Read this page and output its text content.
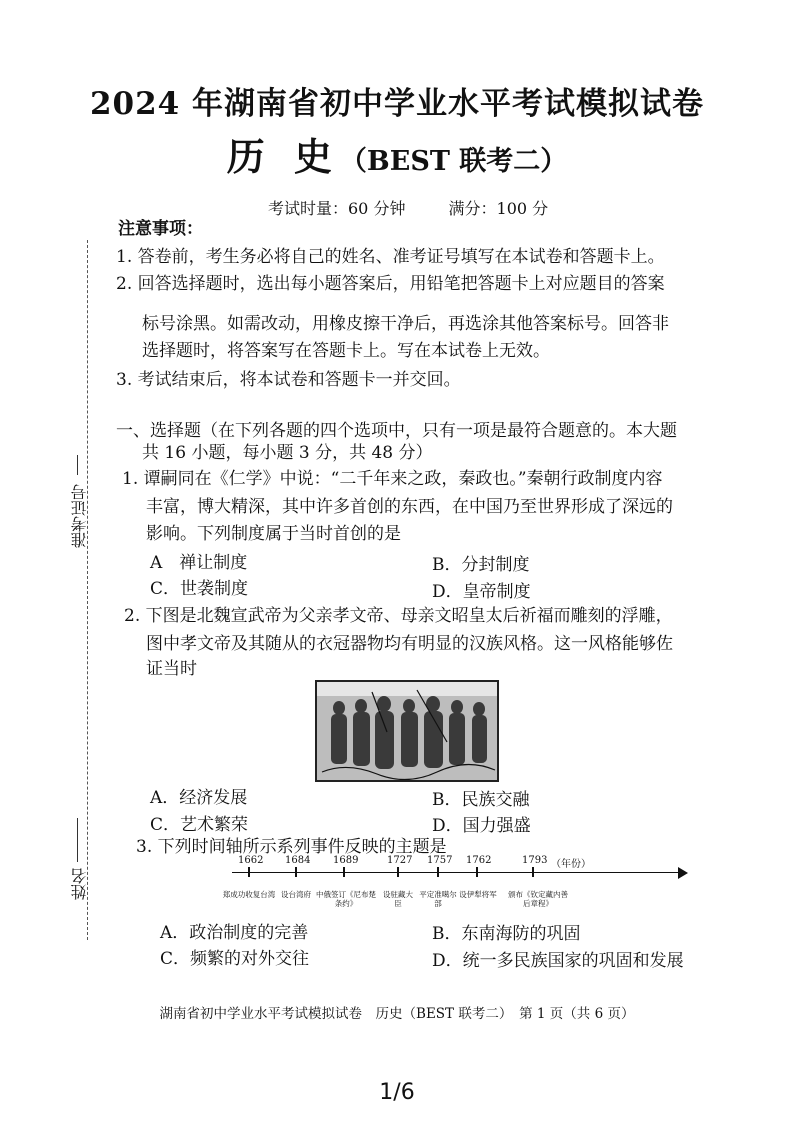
2024 年湖南省初中学业水平考试模拟试卷
历 史（BEST 联考二）
考试时量：60 分钟	满分：100 分
准考证号
姓名
注意事项：
1. 答卷前，考生务必将自己的姓名、准考证号填写在本试卷和答题卡上。
2. 回答选择题时，选出每小题答案后，用铅笔把答题卡上对应题目的答案
标号涂黑。如需改动，用橡皮擦干净后，再选涂其他答案标号。回答非
选择题时，将答案写在答题卡上。写在本试卷上无效。
3. 考试结束后，将本试卷和答题卡一并交回。
一、选择题（在下列各题的四个选项中，只有一项是最符合题意的。本大题
共 16 小题，每小题 3 分，共 48 分）
1. 谭嗣同在《仁学》中说：“二千年来之政，秦政也。”秦朝行政制度内容
丰富，博大精深，其中许多首创的东西，在中国乃至世界形成了深远的
影响。下列制度属于当时首创的是
A　禅让制度	B．分封制度
C．世袭制度	D．皇帝制度
2. 下图是北魏宣武帝为父亲孝文帝、母亲文昭皇太后祈福而雕刻的浮雕，
图中孝文帝及其随从的衣冠器物均有明显的汉族风格。这一风格能够佐
证当时
A．经济发展	B．民族交融
C．艺术繁荣	D．国力强盛
3. 下列时间轴所示系列事件反映的主题是
1662 1684 1689	1727 1757 1762	1793 （年份）
郑成功收复台湾 设台湾府 中俄签订《尼布楚条约》
设驻藏大臣
平定准噶尔部
设伊犁将军 颁布《钦定藏内善后章程》
A．政治制度的完善	B．东南海防的巩固
C．频繁的对外交往	D．统一多民族国家的巩固和发展
湖南省初中学业水平考试模拟试卷　历史（BEST 联考二）　第 1 页（共 6 页）
1/6
